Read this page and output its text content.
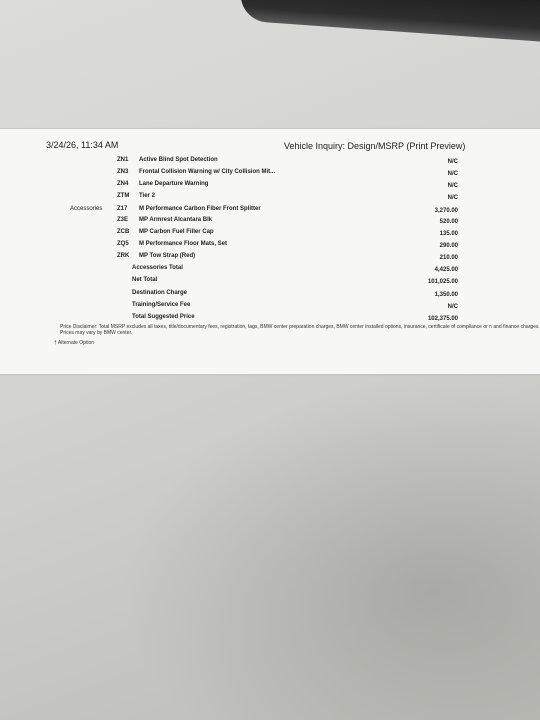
3/24/26, 11:34 AM	Vehicle Inquiry: Design/MSRP (Print Preview)
ZN1	Active Blind Spot Detection	N/C
ZN3	Frontal Collision Warning w/ City Collision Mit...	N/C
ZN4	Lane Departure Warning	N/C
ZTM	Tier 2	N/C
Accessories Z17	M Performance Carbon Fiber Front Splitter	3,270.00
Z3E	MP Armrest Alcantara Blk	520.00
ZCB	MP Carbon Fuel Filler Cap	135.00
ZQ5	M Performance Floor Mats, Set	290.00
ZRK	MP Tow Strap (Red)	210.00
Accessories Total	4,425.00
Net Total	101,025.00
Destination Charge	1,350.00
Training/Service Fee	N/C
Total Suggested Price	102,375.00
Price Disclaimer: Total MSRP excludes all taxes, title/documentary fees, registration, tags, BMW center preparation charges, BMW center installed options, insurance, certificate of compliance or n and finance charges. Prices may vary by BMW center.
† Alternate Option
